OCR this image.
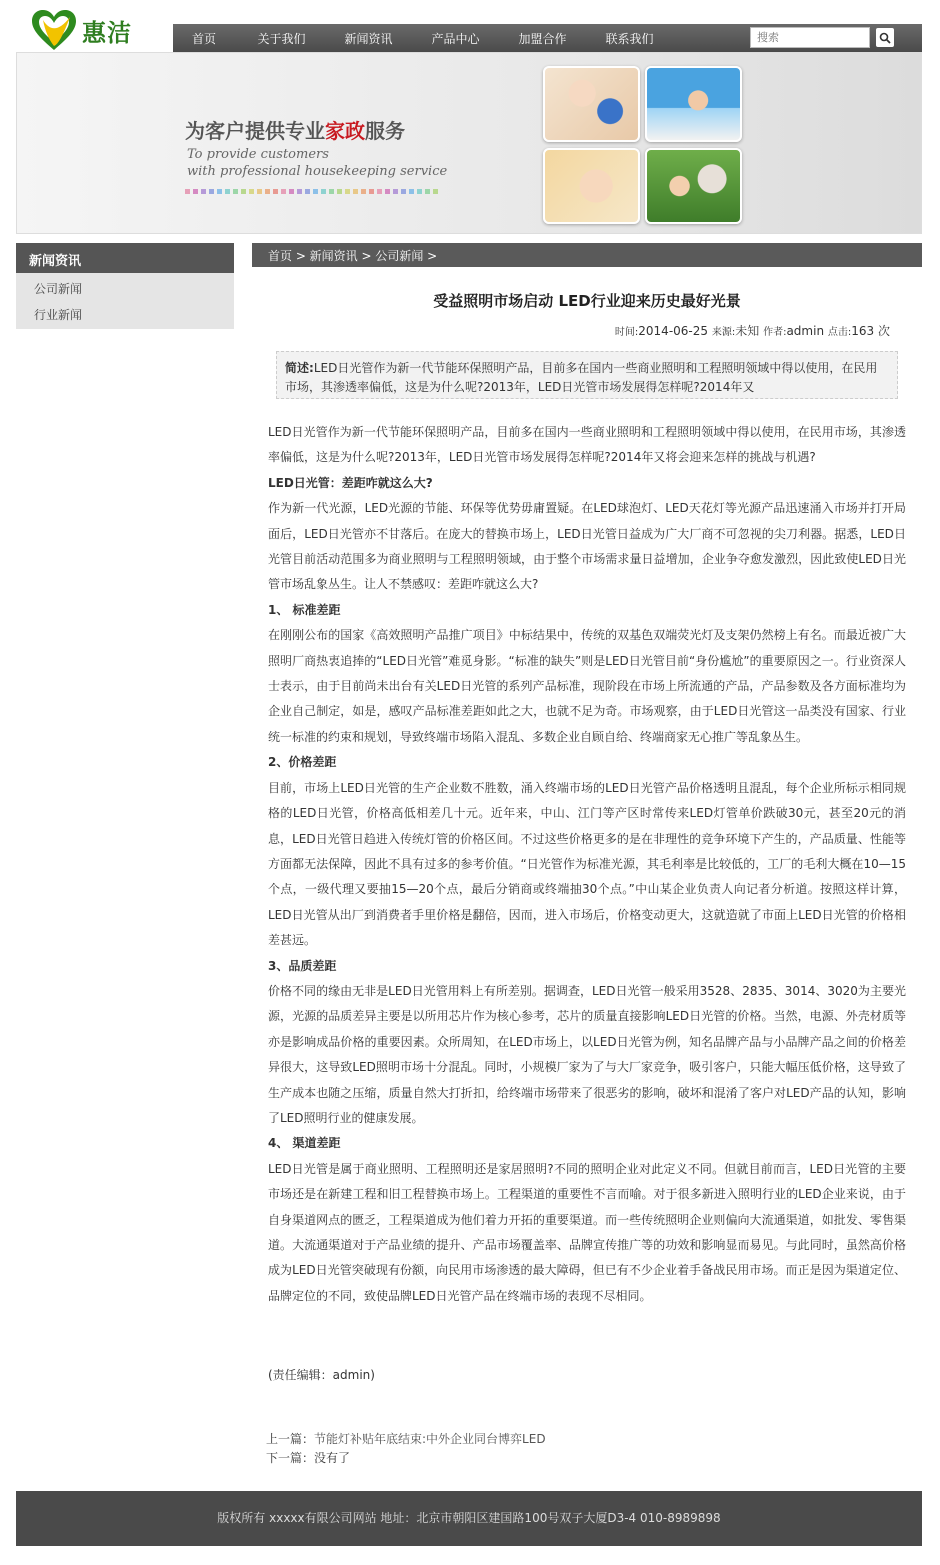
惠洁	首页	关于我们	新闻资讯	产品中心	加盟合作	联系我们
搜索
为客户提供专业家政服务
To provide customers
with professional housekeeping service
新闻资讯
公司新闻
行业新闻
首页 > 新闻资讯 > 公司新闻 >
受益照明市场启动 LED行业迎来历史最好光景
时间:2014-06-25 来源:未知 作者:admin 点击:163 次
简述:LED日光管作为新一代节能环保照明产品，目前多在国内一些商业照明和工程照明领域中得以使用，在民用市场，其渗透率偏低，这是为什么呢?2013年，LED日光管市场发展得怎样呢?2014年又

LED日光管作为新一代节能环保照明产品，目前多在国内一些商业照明和工程照明领域中得以使用，在民用市场，其渗透率偏低，这是为什么呢?2013年，LED日光管市场发展得怎样呢?2014年又将会迎来怎样的挑战与机遇?

LED日光管：差距咋就这么大?

作为新一代光源，LED光源的节能、环保等优势毋庸置疑。在LED球泡灯、LED天花灯等光源产品迅速涌入市场并打开局面后，LED日光管亦不甘落后。在庞大的替换市场上，LED日光管日益成为广大厂商不可忽视的尖刀利器。据悉，LED日光管目前活动范围多为商业照明与工程照明领域，由于整个市场需求量日益增加，企业争夺愈发激烈，因此致使LED日光管市场乱象丛生。让人不禁感叹：差距咋就这么大?

1、 标准差距

在刚刚公布的国家《高效照明产品推广项目》中标结果中，传统的双基色双端荧光灯及支架仍然榜上有名。而最近被广大照明厂商热衷追捧的“LED日光管”难觅身影。“标准的缺失”则是LED日光管目前“身份尴尬”的重要原因之一。行业资深人士表示，由于目前尚未出台有关LED日光管的系列产品标准，现阶段在市场上所流通的产品，产品参数及各方面标准均为企业自己制定，如是，感叹产品标准差距如此之大，也就不足为奇。市场观察，由于LED日光管这一品类没有国家、行业统一标准的约束和规划，导致终端市场陷入混乱、多数企业自顾自给、终端商家无心推广等乱象丛生。

2、价格差距

目前，市场上LED日光管的生产企业数不胜数，涌入终端市场的LED日光管产品价格透明且混乱，每个企业所标示相同规格的LED日光管，价格高低相差几十元。近年来，中山、江门等产区时常传来LED灯管单价跌破30元，甚至20元的消息，LED日光管日趋进入传统灯管的价格区间。不过这些价格更多的是在非理性的竞争环境下产生的，产品质量、性能等方面都无法保障，因此不具有过多的参考价值。“日光管作为标准光源，其毛利率是比较低的，工厂的毛利大概在10—15个点，一级代理又要抽15—20个点，最后分销商或终端抽30个点。”中山某企业负责人向记者分析道。按照这样计算，LED日光管从出厂到消费者手里价格是翻倍，因而，进入市场后，价格变动更大，这就造就了市面上LED日光管的价格相差甚远。

3、品质差距

价格不同的缘由无非是LED日光管用料上有所差别。据调查，LED日光管一般采用3528、2835、3014、3020为主要光源，光源的品质差异主要是以所用芯片作为核心参考，芯片的质量直接影响LED日光管的价格。当然，电源、外壳材质等亦是影响成品价格的重要因素。众所周知，在LED市场上，以LED日光管为例，知名品牌产品与小品牌产品之间的价格差异很大，这导致LED照明市场十分混乱。同时，小规模厂家为了与大厂家竞争，吸引客户，只能大幅压低价格，这导致了生产成本也随之压缩，质量自然大打折扣，给终端市场带来了很恶劣的影响，破坏和混淆了客户对LED产品的认知，影响了LED照明行业的健康发展。

4、 渠道差距

LED日光管是属于商业照明、工程照明还是家居照明?不同的照明企业对此定义不同。但就目前而言，LED日光管的主要市场还是在新建工程和旧工程替换市场上。工程渠道的重要性不言而喻。对于很多新进入照明行业的LED企业来说，由于自身渠道网点的匮乏，工程渠道成为他们着力开拓的重要渠道。而一些传统照明企业则偏向大流通渠道，如批发、零售渠道。大流通渠道对于产品业绩的提升、产品市场覆盖率、品牌宣传推广等的功效和影响显而易见。与此同时，虽然高价格成为LED日光管突破现有份额，向民用市场渗透的最大障碍，但已有不少企业着手备战民用市场。而正是因为渠道定位、品牌定位的不同，致使品牌LED日光管产品在终端市场的表现不尽相同。

(责任编辑：admin)
上一篇：节能灯补贴年底结束:中外企业同台博弈LED
下一篇：没有了
版权所有 xxxxx有限公司网站 地址：北京市朝阳区建国路100号双子大厦D3-4 010-8989898
